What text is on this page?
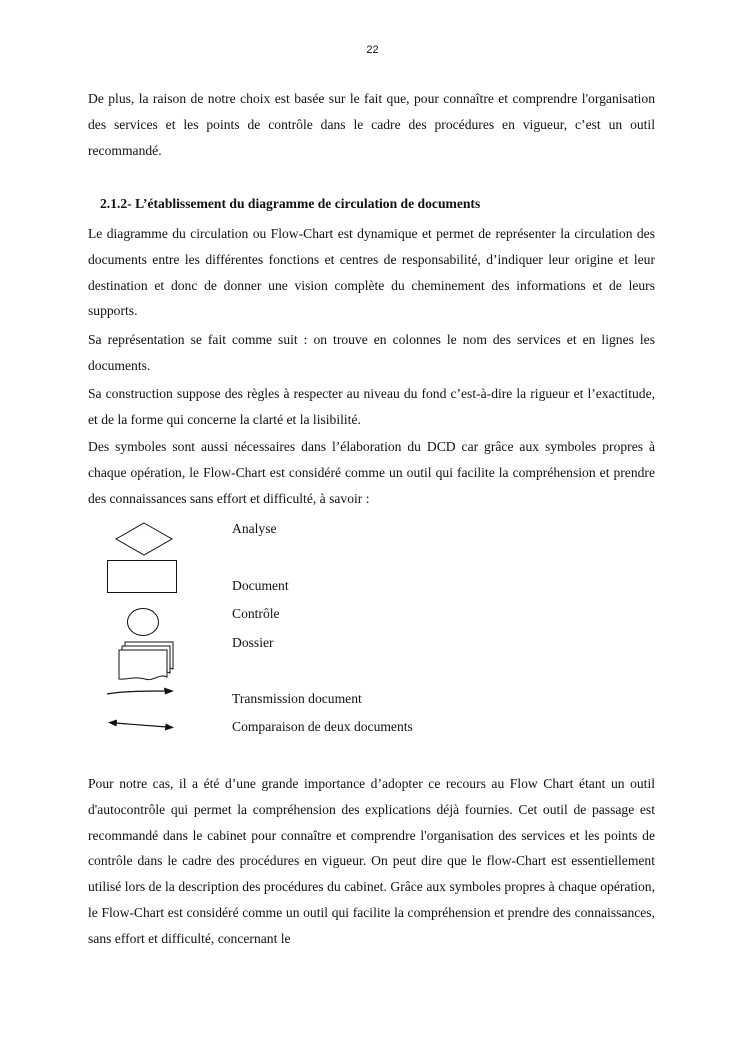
22

De plus, la raison de notre choix est basée sur le fait que, pour connaître et comprendre l'organisation des services et les points de contrôle dans le cadre des procédures en vigueur, c’est un outil recommandé.

2.1.2- L’établissement du diagramme de circulation de documents

Le diagramme du circulation ou Flow-Chart est dynamique et permet de représenter la circulation des documents entre les différentes fonctions et centres de responsabilité, d’indiquer leur origine et leur destination et donc de donner une vision complète du cheminement des informations et de leurs supports.

Sa représentation se fait comme suit : on trouve en colonnes le nom des services et en lignes les documents.

Sa construction suppose des règles à respecter au niveau du fond c’est-à-dire la rigueur et l’exactitude, et de la forme qui concerne la clarté et la lisibilité.

Des symboles sont aussi nécessaires dans l’élaboration du DCD car grâce aux symboles propres à chaque opération, le Flow-Chart est considéré comme un outil qui facilite la compréhension et prendre des connaissances sans effort et difficulté, à savoir :

Analyse
Document
Contrôle
Dossier
Transmission document
Comparaison de deux documents

Pour notre cas, il a été d’une grande importance d’adopter ce recours au Flow Chart étant un outil d'autocontrôle qui permet la compréhension des explications déjà fournies. Cet outil de passage est recommandé dans le cabinet pour connaître et comprendre l'organisation des services et les points de contrôle dans le cadre des procédures en vigueur. On peut dire que le flow-Chart est essentiellement utilisé lors de la description des procédures du cabinet. Grâce aux symboles propres à chaque opération, le Flow-Chart est considéré comme un outil qui facilite la compréhension et prendre des connaissances, sans effort et difficulté, concernant le
